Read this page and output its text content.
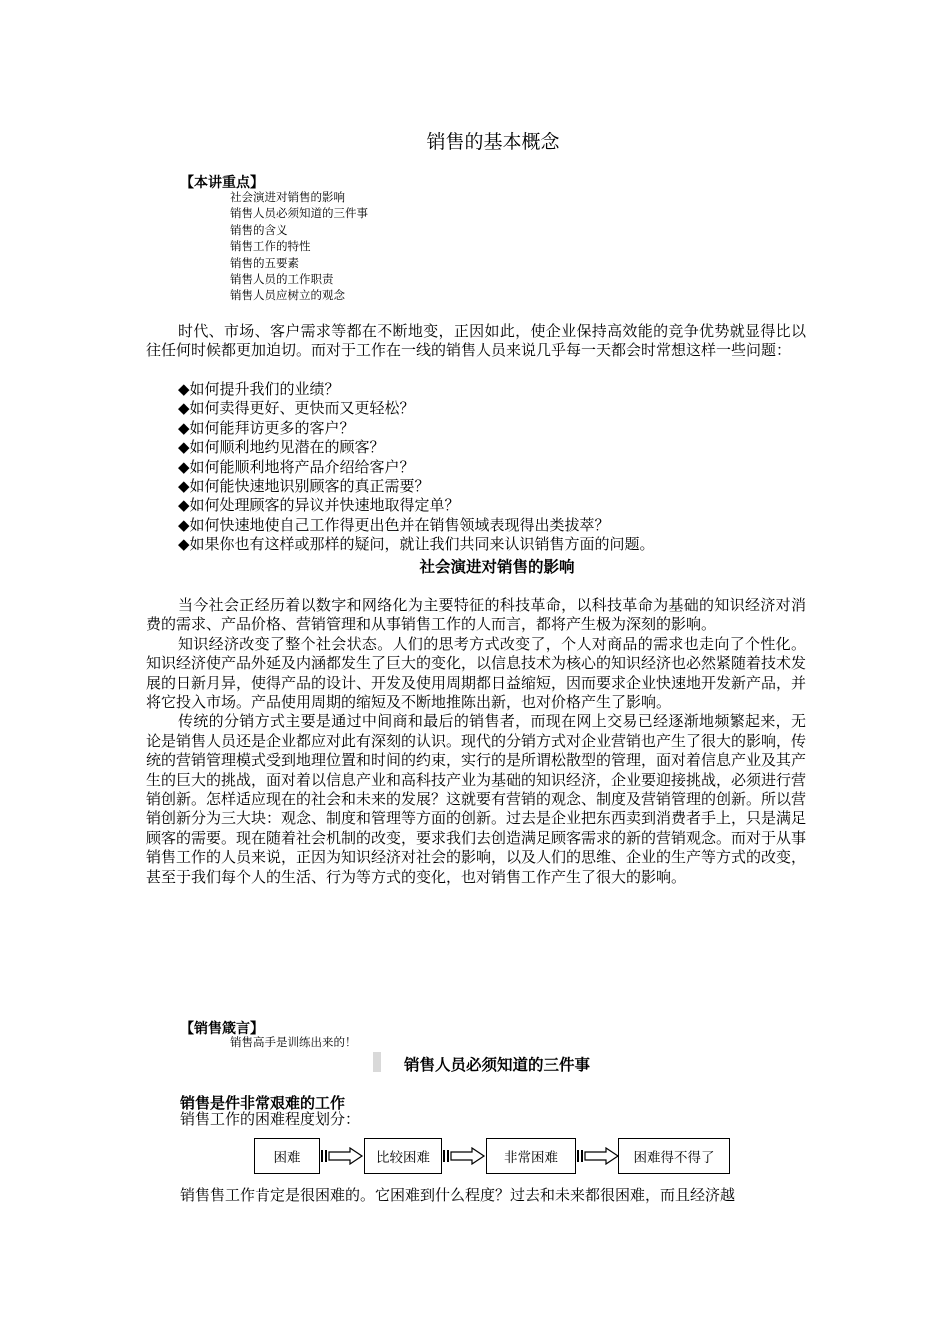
销售的基本概念
【本讲重点】
社会演进对销售的影响
销售人员必须知道的三件事
销售的含义
销售工作的特性
销售的五要素
销售人员的工作职责
销售人员应树立的观念

时代、市场、客户需求等都在不断地变，正因如此，使企业保持高效能的竞争优势就显得比以往任何时候都更加迫切。而对于工作在一线的销售人员来说几乎每一天都会时常想这样一些问题：

◆如何提升我们的业绩？
◆如何卖得更好、更快而又更轻松？
◆如何能拜访更多的客户？
◆如何顺利地约见潜在的顾客？
◆如何能顺利地将产品介绍给客户？
◆如何能快速地识别顾客的真正需要？
◆如何处理顾客的异议并快速地取得定单？
◆如何快速地使自己工作得更出色并在销售领域表现得出类拔萃？
◆如果你也有这样或那样的疑问，就让我们共同来认识销售方面的问题。
社会演进对销售的影响

当今社会正经历着以数字和网络化为主要特征的科技革命，以科技革命为基础的知识经济对消费的需求、产品价格、营销管理和从事销售工作的人而言，都将产生极为深刻的影响。

知识经济改变了整个社会状态。人们的思考方式改变了，个人对商品的需求也走向了个性化。知识经济使产品外延及内涵都发生了巨大的变化，以信息技术为核心的知识经济也必然紧随着技术发展的日新月异，使得产品的设计、开发及使用周期都日益缩短，因而要求企业快速地开发新产品，并将它投入市场。产品使用周期的缩短及不断地推陈出新，也对价格产生了影响。

传统的分销方式主要是通过中间商和最后的销售者，而现在网上交易已经逐渐地频繁起来，无论是销售人员还是企业都应对此有深刻的认识。现代的分销方式对企业营销也产生了很大的影响，传统的营销管理模式受到地理位置和时间的约束，实行的是所谓松散型的管理，面对着信息产业及其产生的巨大的挑战，面对着以信息产业和高科技产业为基础的知识经济，企业要迎接挑战，必须进行营销创新。怎样适应现在的社会和未来的发展？这就要有营销的观念、制度及营销管理的创新。所以营销创新分为三大块：观念、制度和管理等方面的创新。过去是企业把东西卖到消费者手上，只是满足顾客的需要。现在随着社会机制的改变，要求我们去创造满足顾客需求的新的营销观念。而对于从事销售工作的人员来说，正因为知识经济对社会的影响，以及人们的思维、企业的生产等方式的改变，甚至于我们每个人的生活、行为等方式的变化，也对销售工作产生了很大的影响。

【销售箴言】
销售高手是训练出来的！
销售人员必须知道的三件事
销售是件非常艰难的工作
销售工作的困难程度划分：
困难	比较困难	非常困难	困难得不得了
销售售工作肯定是很困难的。它困难到什么程度？过去和未来都很困难，而且经济越
